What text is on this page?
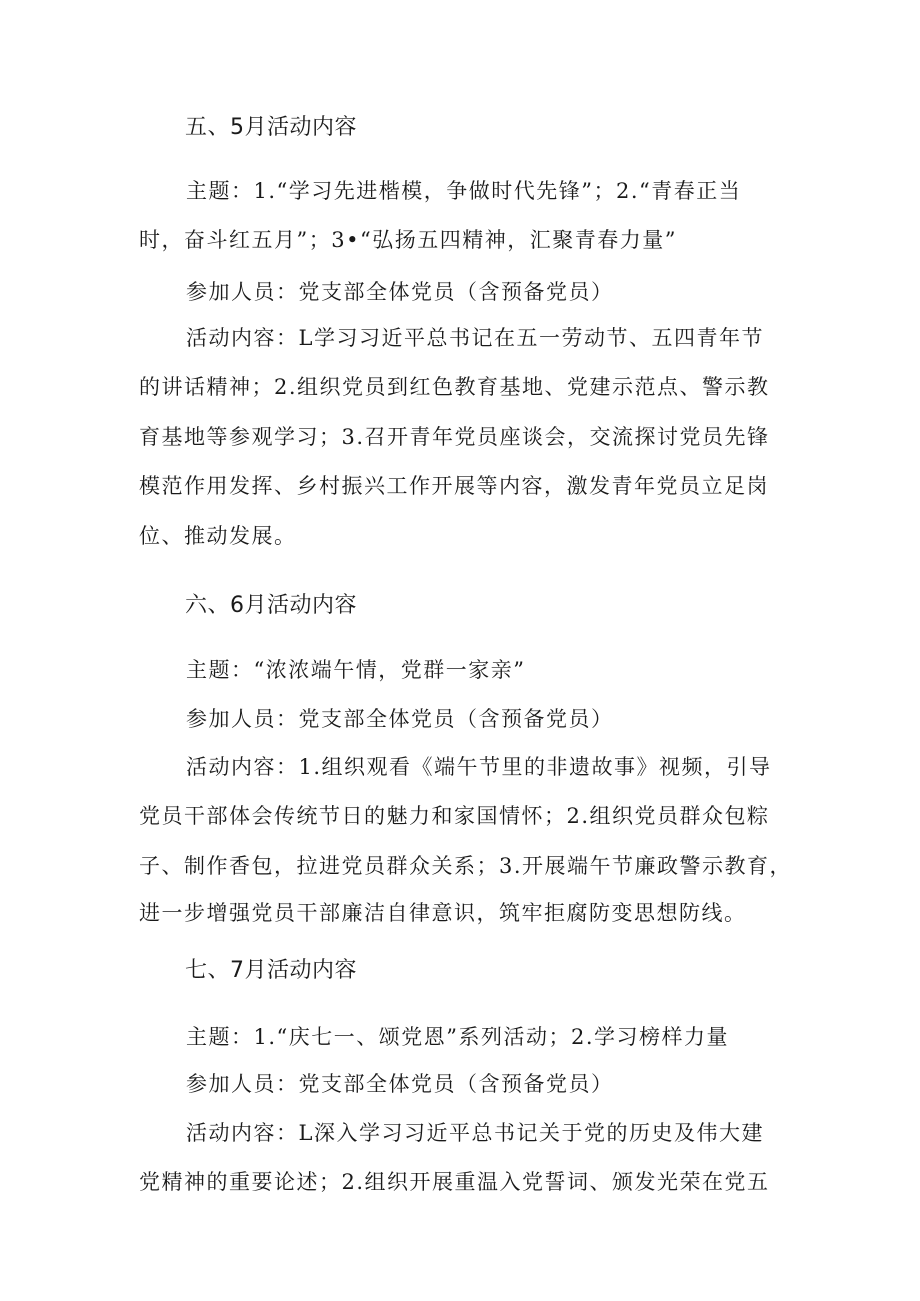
五、5月活动内容
主题：1.“学习先进楷模，争做时代先锋”；2.“青春正当
时，奋斗红五月”；3•“弘扬五四精神，汇聚青春力量”
参加人员：党支部全体党员（含预备党员）
活动内容：L学习习近平总书记在五一劳动节、五四青年节
的讲话精神；2.组织党员到红色教育基地、党建示范点、警示教
育基地等参观学习；3.召开青年党员座谈会，交流探讨党员先锋
模范作用发挥、乡村振兴工作开展等内容，激发青年党员立足岗
位、推动发展。
六、6月活动内容
主题：“浓浓端午情，党群一家亲”
参加人员：党支部全体党员（含预备党员）
活动内容：1.组织观看《端午节里的非遗故事》视频，引导
党员干部体会传统节日的魅力和家国情怀；2.组织党员群众包粽
子、制作香包，拉进党员群众关系；3.开展端午节廉政警示教育，
进一步增强党员干部廉洁自律意识，筑牢拒腐防变思想防线。
七、7月活动内容
主题：1.“庆七一、颂党恩”系列活动；2.学习榜样力量
参加人员：党支部全体党员（含预备党员）
活动内容：L深入学习习近平总书记关于党的历史及伟大建
党精神的重要论述；2.组织开展重温入党誓词、颁发光荣在党五
